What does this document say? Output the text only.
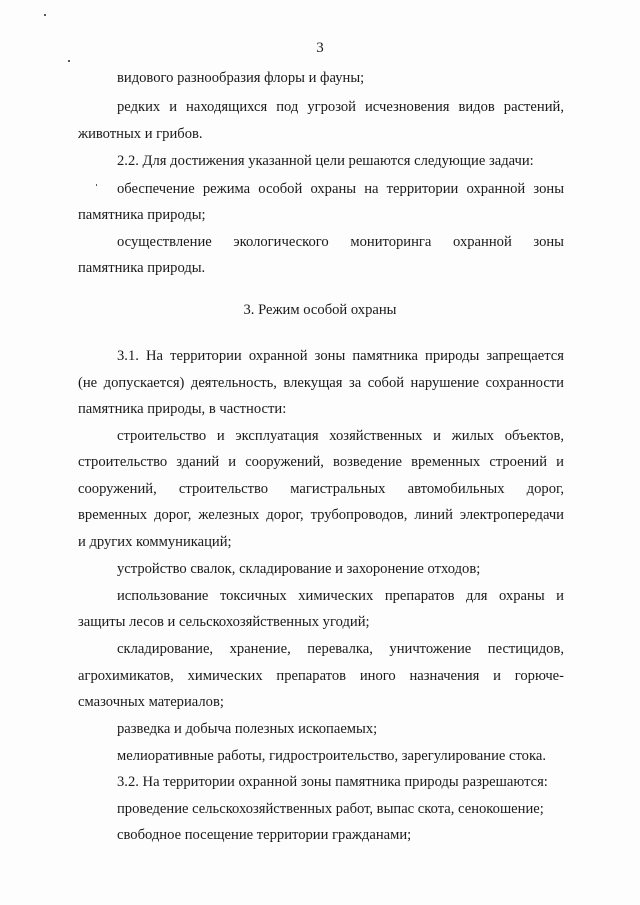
3
видового разнообразия флоры и фауны;
редких и находящихся под угрозой исчезновения видов растений,
животных и грибов.
2.2. Для достижения указанной цели решаются следующие задачи:
обеспечение режима особой охраны на территории охранной зоны
памятника природы;
осуществление экологического мониторинга охранной зоны
памятника природы.
3. Режим особой охраны
3.1. На территории охранной зоны памятника природы запрещается
(не допускается) деятельность, влекущая за собой нарушение сохранности
памятника природы, в частности:
строительство и эксплуатация хозяйственных и жилых объектов,
строительство зданий и сооружений, возведение временных строений и
сооружений, строительство магистральных автомобильных дорог,
временных дорог, железных дорог, трубопроводов, линий электропередачи
и других коммуникаций;
устройство свалок, складирование и захоронение отходов;
использование токсичных химических препаратов для охраны и
защиты лесов и сельскохозяйственных угодий;
складирование, хранение, перевалка, уничтожение пестицидов,
агрохимикатов, химических препаратов иного назначения и горюче-
смазочных материалов;
разведка и добыча полезных ископаемых;
мелиоративные работы, гидростроительство, зарегулирование стока.
3.2. На территории охранной зоны памятника природы разрешаются:
проведение сельскохозяйственных работ, выпас скота, сенокошение;
свободное посещение территории гражданами;
